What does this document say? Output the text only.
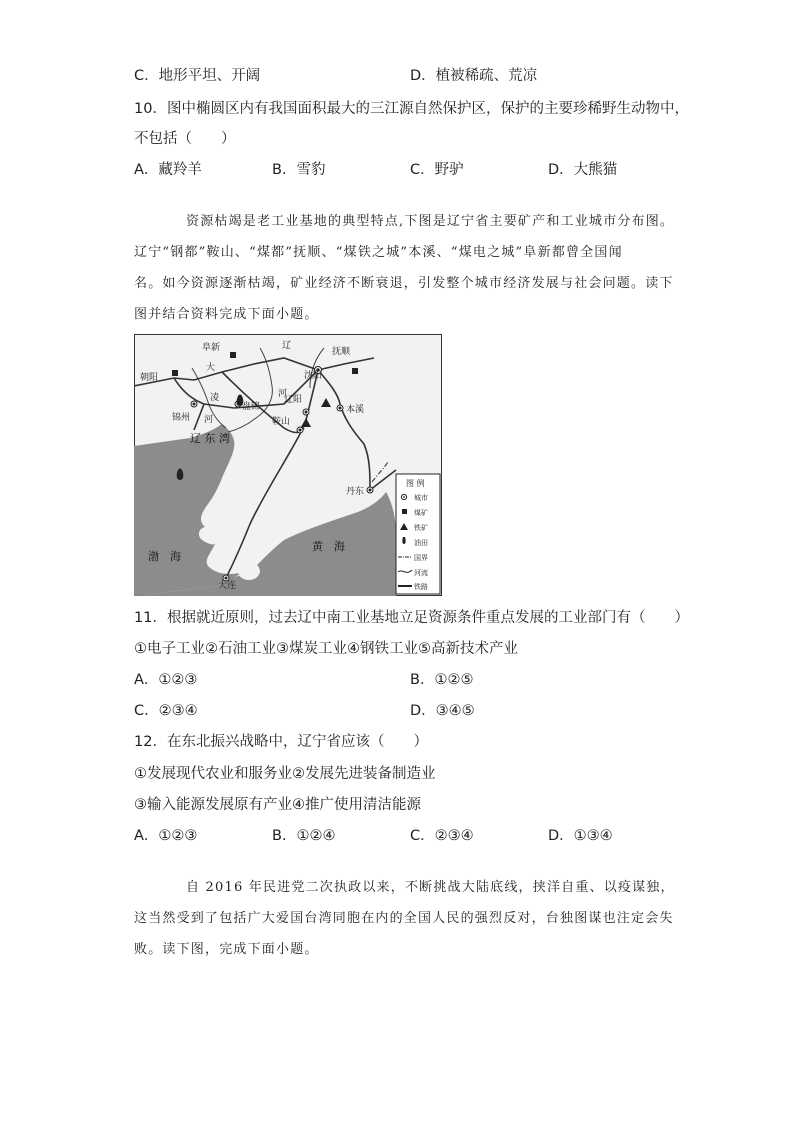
C．地形平坦、开阔	D．植被稀疏、荒凉
10．图中椭圆区内有我国面积最大的三江源自然保护区，保护的主要珍稀野生动物中，
不包括（　　）
A．藏羚羊	B．雪豹	C．野驴	D．大熊猫
资源枯竭是老工业基地的典型特点,下图是辽宁省主要矿产和工业城市分布图。
辽宁“钢都”鞍山、“煤都”抚顺、“煤铁之城”本溪、“煤电之城”阜新都曾全国闻
名。如今资源逐渐枯竭，矿业经济不断衰退，引发整个城市经济发展与社会问题。读下
图并结合资料完成下面小题。
阜新	抚顺
朝阳	沈阳
锦州
盘锦
辽阳
鞍山
本溪
丹东
大连
辽
河
大
凌
河
辽 东 湾
渤　海
黄　海
图 例
城市
煤矿
铁矿
油田
国界
河流
铁路
11．根据就近原则，过去辽中南工业基地立足资源条件重点发展的工业部门有（　　）
①电子工业②石油工业③煤炭工业④钢铁工业⑤高新技术产业
A．①②③	B．①②⑤
C．②③④	D．③④⑤
12．在东北振兴战略中，辽宁省应该（　　）
①发展现代农业和服务业②发展先进装备制造业
③输入能源发展原有产业④推广使用清洁能源
A．①②③	B．①②④	C．②③④	D．①③④
自 2016 年民进党二次执政以来，不断挑战大陆底线，挟洋自重、以疫谋独，
这当然受到了包括广大爱国台湾同胞在内的全国人民的强烈反对，台独图谋也注定会失
败。读下图，完成下面小题。
